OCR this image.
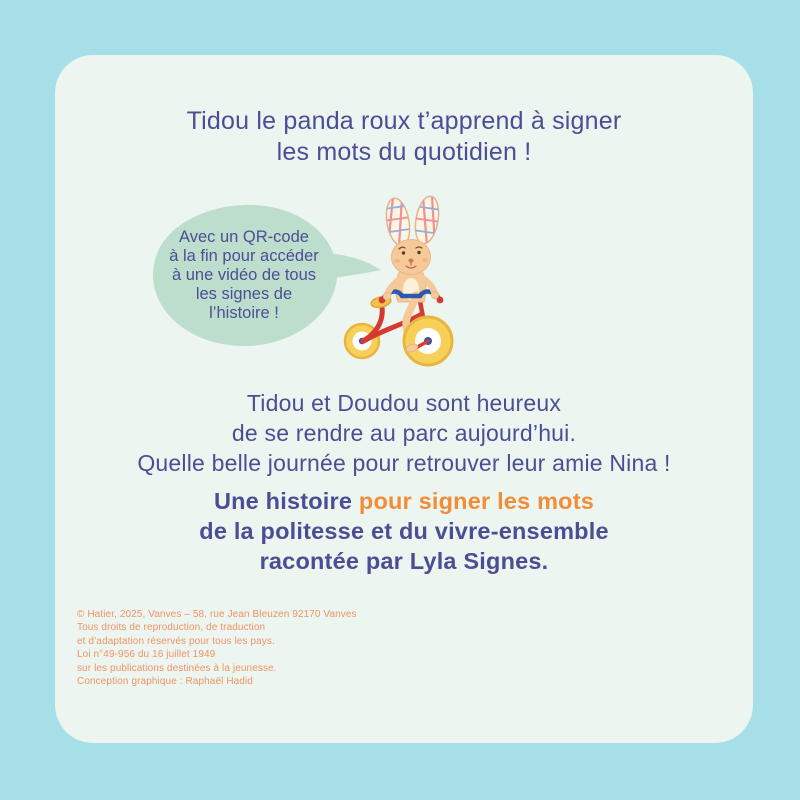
Tidou le panda roux t’apprend à signer
les mots du quotidien !
Avec un QR-code
à la fin pour accéder
à une vidéo de tous
les signes de
l’histoire !
Tidou et Doudou sont heureux
de se rendre au parc aujourd’hui.
Quelle belle journée pour retrouver leur amie Nina !
Une histoire pour signer les mots
de la politesse et du vivre-ensemble
racontée par Lyla Signes.
© Hatier, 2025, Vanves – 58, rue Jean Bleuzen 92170 Vanves
Tous droits de reproduction, de traduction
et d’adaptation réservés pour tous les pays.
Loi n°49-956 du 16 juillet 1949
sur les publications destinées à la jeunesse.
Conception graphique : Raphaël Hadid
